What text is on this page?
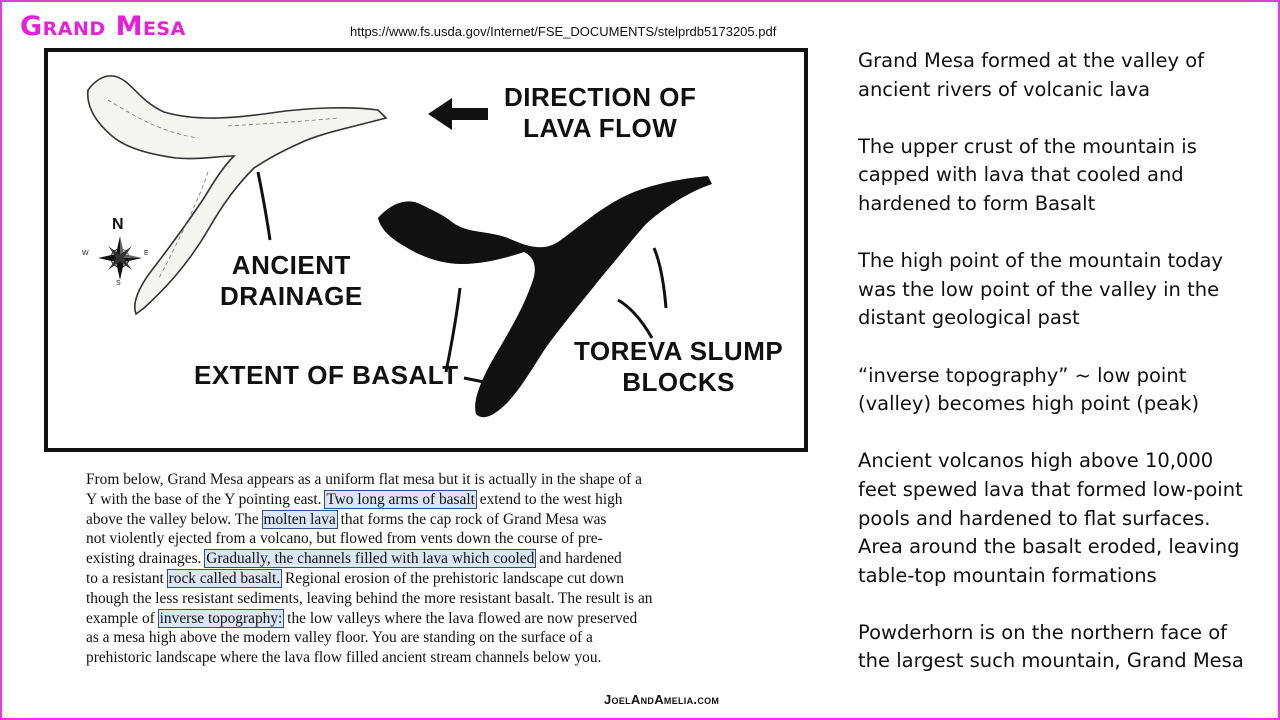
Grand Mesa	https://www.fs.usda.gov/Internet/FSE_DOCUMENTS/stelprdb5173205.pdf
DIRECTION OF
LAVA FLOW
ANCIENT
DRAINAGE
EXTENT OF BASALT
TOREVA SLUMP
BLOCKS
N
W	E
S
From below, Grand Mesa appears as a uniform flat mesa but it is actually in the shape of a
Y with the base of the Y pointing east. Two long arms of basalt extend to the west high
above the valley below. The molten lava that forms the cap rock of Grand Mesa was
not violently ejected from a volcano, but flowed from vents down the course of pre-
existing drainages. Gradually, the channels filled with lava which cooled and hardened
to a resistant rock called basalt. Regional erosion of the prehistoric landscape cut down
though the less resistant sediments, leaving behind the more resistant basalt. The result is an
example of inverse topography: the low valleys where the lava flowed are now preserved
as a mesa high above the modern valley floor. You are standing on the surface of a
prehistoric landscape where the lava flow filled ancient stream channels below you.
JoelAndAmelia.com

Grand Mesa formed at the valley of
ancient rivers of volcanic lava

The upper crust of the mountain is
capped with lava that cooled and
hardened to form Basalt

The high point of the mountain today
was the low point of the valley in the
distant geological past

“inverse topography” ~ low point
(valley) becomes high point (peak)

Ancient volcanos high above 10,000
feet spewed lava that formed low-point
pools and hardened to flat surfaces.
Area around the basalt eroded, leaving
table-top mountain formations

Powderhorn is on the northern face of
the largest such mountain, Grand Mesa
